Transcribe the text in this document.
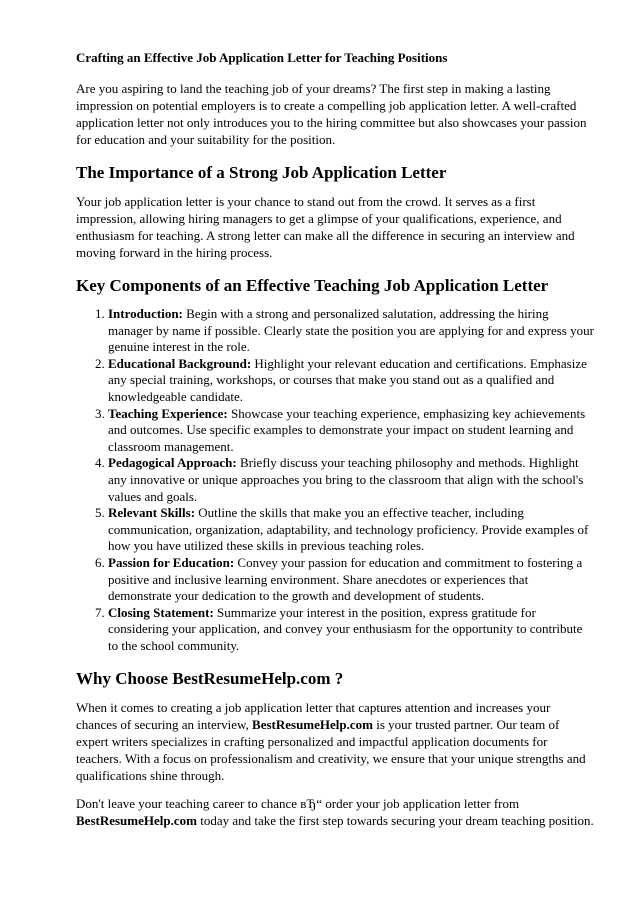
Crafting an Effective Job Application Letter for Teaching Positions

Are you aspiring to land the teaching job of your dreams? The first step in making a lasting impression on potential employers is to create a compelling job application letter. A well-crafted application letter not only introduces you to the hiring committee but also showcases your passion for education and your suitability for the position.

The Importance of a Strong Job Application Letter

Your job application letter is your chance to stand out from the crowd. It serves as a first impression, allowing hiring managers to get a glimpse of your qualifications, experience, and enthusiasm for teaching. A strong letter can make all the difference in securing an interview and moving forward in the hiring process.

Key Components of an Effective Teaching Job Application Letter
1. Introduction: Begin with a strong and personalized salutation, addressing the hiring manager by name if possible. Clearly state the position you are applying for and express your genuine interest in the role.
2. Educational Background: Highlight your relevant education and certifications. Emphasize any special training, workshops, or courses that make you stand out as a qualified and knowledgeable candidate.
3. Teaching Experience: Showcase your teaching experience, emphasizing key achievements and outcomes. Use specific examples to demonstrate your impact on student learning and classroom management.
4. Pedagogical Approach: Briefly discuss your teaching philosophy and methods. Highlight any innovative or unique approaches you bring to the classroom that align with the school's values and goals.
5. Relevant Skills: Outline the skills that make you an effective teacher, including communication, organization, adaptability, and technology proficiency. Provide examples of how you have utilized these skills in previous teaching roles.
6. Passion for Education: Convey your passion for education and commitment to fostering a positive and inclusive learning environment. Share anecdotes or experiences that demonstrate your dedication to the growth and development of students.
7. Closing Statement: Summarize your interest in the position, express gratitude for considering your application, and convey your enthusiasm for the opportunity to contribute to the school community.
Why Choose BestResumeHelp.com ?

When it comes to creating a job application letter that captures attention and increases your chances of securing an interview, BestResumeHelp.com is your trusted partner. Our team of expert writers specializes in crafting personalized and impactful application documents for teachers. With a focus on professionalism and creativity, we ensure that your unique strengths and qualifications shine through.

Don't leave your teaching career to chance вЂ“ order your job application letter from BestResumeHelp.com today and take the first step towards securing your dream teaching position.
